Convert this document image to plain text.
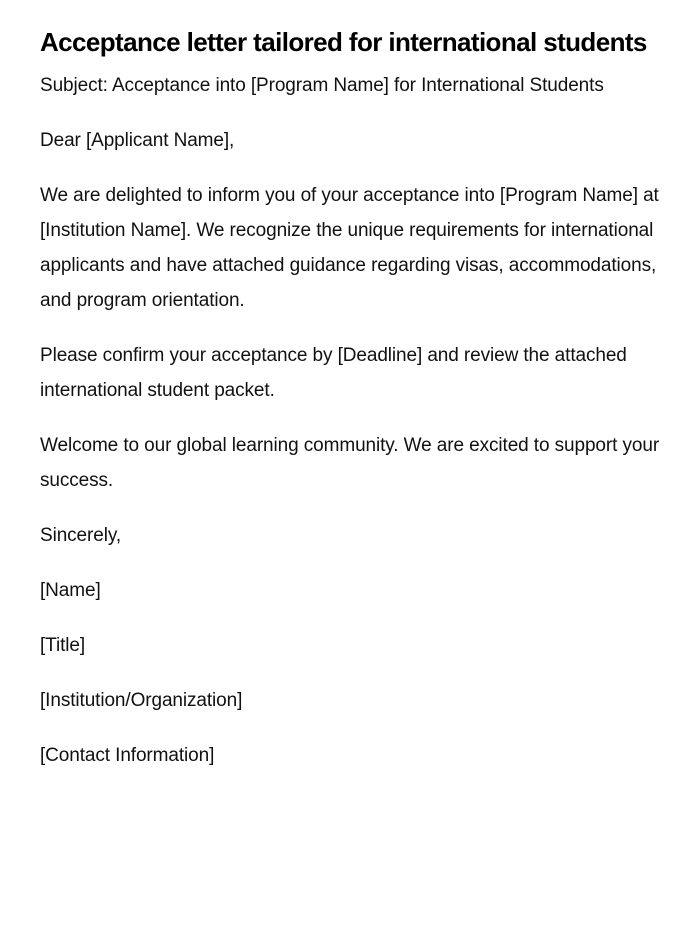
Acceptance letter tailored for international students

Subject: Acceptance into [Program Name] for International Students

Dear [Applicant Name],

We are delighted to inform you of your acceptance into [Program Name] at [Institution Name]. We recognize the unique requirements for international applicants and have attached guidance regarding visas, accommodations, and program orientation.

Please confirm your acceptance by [Deadline] and review the attached international student packet.

Welcome to our global learning community. We are excited to support your success.

Sincerely,

[Name]

[Title]

[Institution/Organization]

[Contact Information]
